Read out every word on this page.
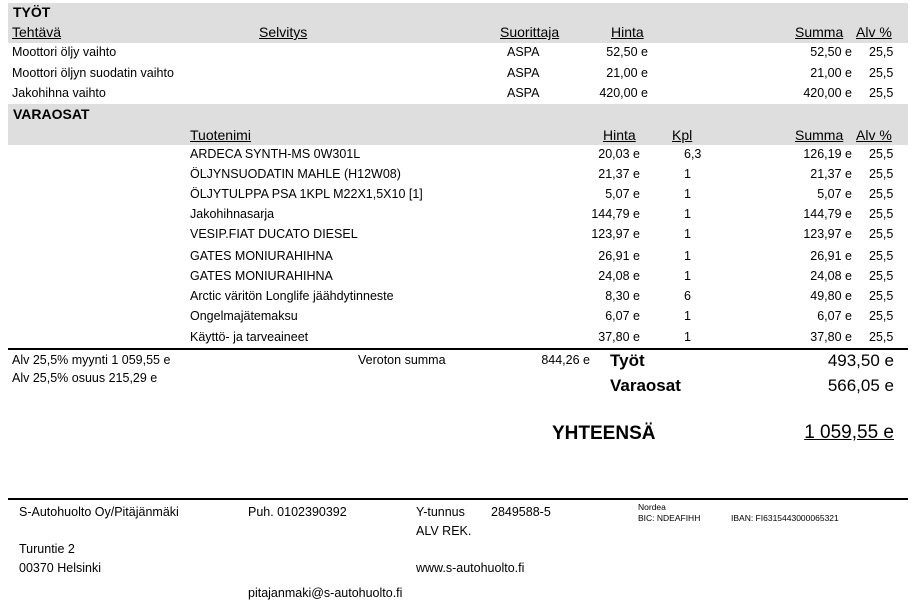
TYÖT
Tehtävä	Selvitys	Suorittaja	Hinta	Summa Alv %
Moottori öljy vaihto	ASPA	52,50 e	52,50 e 25,5
Moottori öljyn suodatin vaihto	ASPA	21,00 e	21,00 e 25,5
Jakohihna vaihto	ASPA	420,00 e	420,00 e 25,5
VARAOSAT
Tuotenimi	Hinta	Kpl	Summa Alv %
ARDECA SYNTH-MS 0W301L	20,03 e	6,3	126,19 e 25,5
ÖLJYNSUODATIN MAHLE (H12W08)	21,37 e	1	21,37 e 25,5
ÖLJYTULPPA PSA 1KPL M22X1,5X10 [1]	5,07 e	1	5,07 e 25,5
Jakohihnasarja	144,79 e	1	144,79 e 25,5
VESIP.FIAT DUCATO DIESEL	123,97 e	1	123,97 e 25,5
GATES MONIURAHIHNA	26,91 e	1	26,91 e 25,5
GATES MONIURAHIHNA	24,08 e	1	24,08 e 25,5
Arctic väritön Longlife jäähdytinneste	8,30 e	6	49,80 e 25,5
Ongelmajätemaksu	6,07 e	1	6,07 e 25,5
Käyttö- ja tarveaineet	37,80 e	1	37,80 e 25,5
Alv 25,5% myynti 1 059,55 e
Alv 25,5% osuus 215,29 e
Veroton summa	844,26 e Työt	493,50 e
Varaosat	566,05 e
YHTEENSÄ	1 059,55 e
S-Autohuolto Oy/Pitäjänmäki
Turuntie 2
00370 Helsinki
Puh. 0102390392
pitajanmaki@s-autohuolto.fi
Y-tunnus 2849588-5
ALV REK.
www.s-autohuolto.fi
Nordea
BIC: NDEAFIHH	IBAN: FI6315443000065321
